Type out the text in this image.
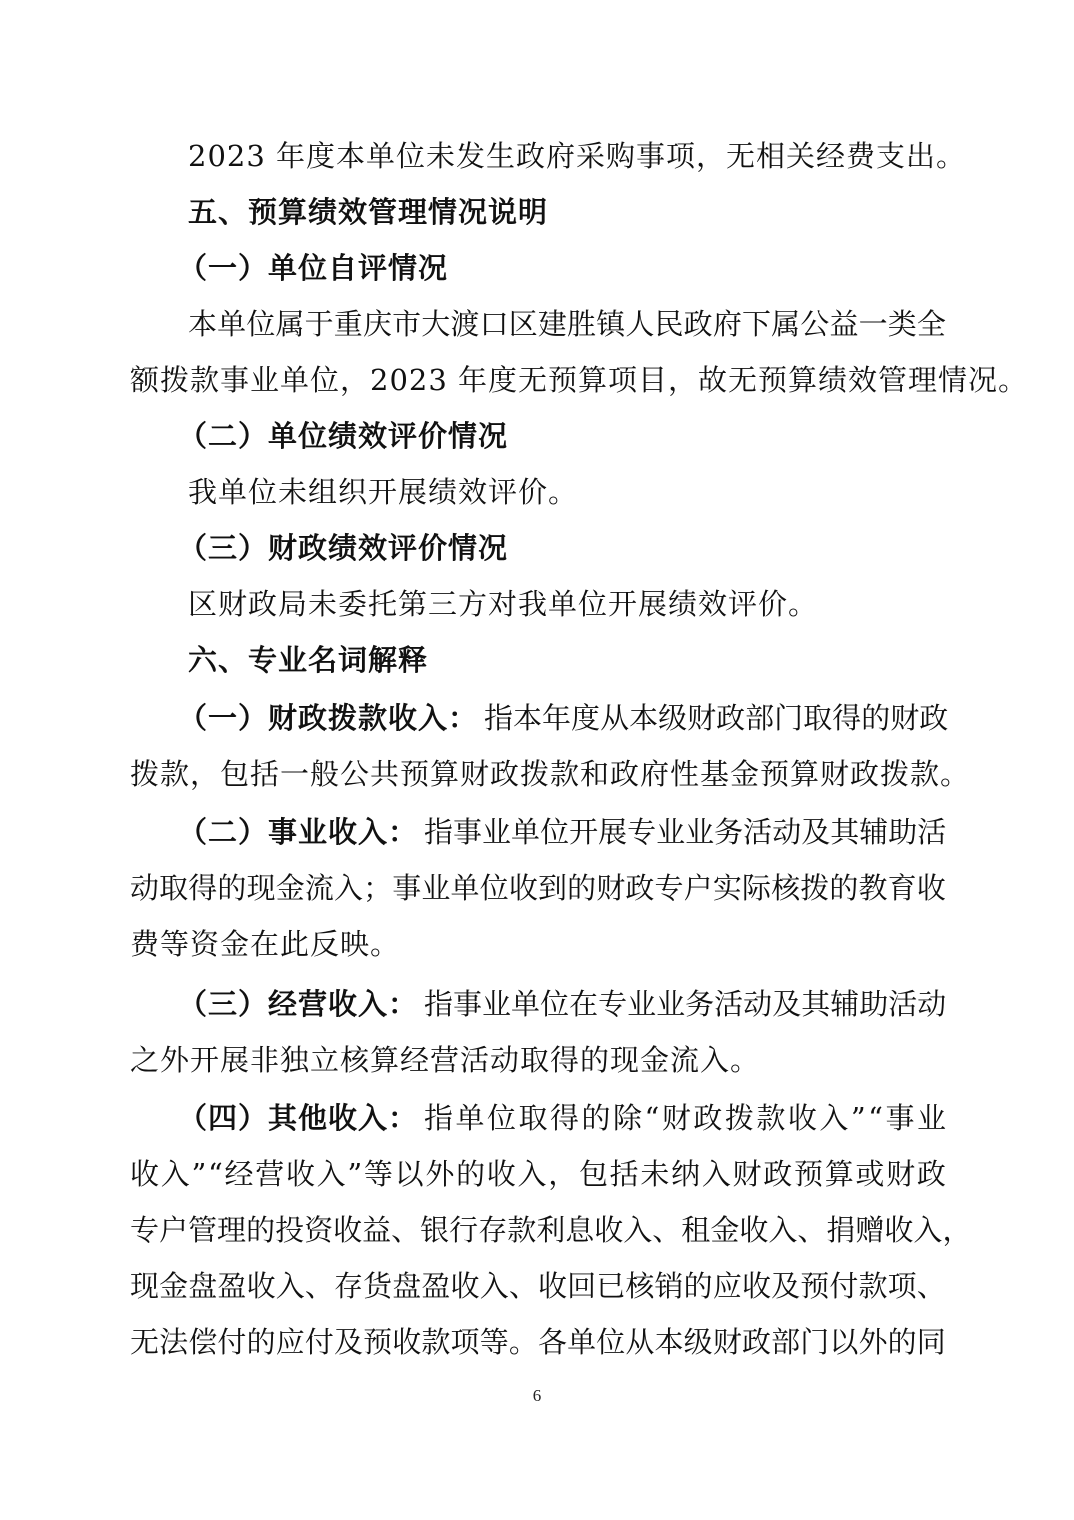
2023 年度本单位未发生政府采购事项，无相关经费支出。
五、预算绩效管理情况说明
（一）单位自评情况
本 单 位 属 于 重 庆 市 大 渡 口 区 建 胜 镇 人 民 政 府 下 属 公 益 一 类 全
额拨款事业单位，2023 年度无预算项目，故无预算绩效管理情况。
（二）单位绩效评价情况
我单位未组织开展绩效评价。
（三）财政绩效评价情况
区财政局未委托第三方对我单位开展绩效评价。
六、专业名词解释
（一）财政拨款收入： 指 本 年 度 从 本 级 财 政 部 门 取 得 的 财 政
拨款，包括一般公共预算财政拨款和政府性基金预算财政拨款。
（二）事业收入： 指 事 业 单 位 开 展 专 业 业 务 活 动 及 其 辅 助 活
动 取 得 的 现 金 流 入 ； 事 业 单 位 收 到 的 财 政 专 户 实 际 核 拨 的 教 育 收
费等资金在此反映。
（三）经营收入： 指 事 业 单 位 在 专 业 业 务 活 动 及 其 辅 助 活 动
之外开展非独立核算经营活动取得的现金流入。
（四）其他收入： 指 单 位 取 得 的 除 “ 财 政 拨 款 收 入 ” “ 事 业
收 入 ” “ 经 营 收 入 ” 等 以 外 的 收 入 ， 包 括 未 纳 入 财 政 预 算 或 财 政
专 户 管 理 的 投 资 收 益 、 银 行 存 款 利 息 收 入 、 租 金 收 入 、 捐 赠 收 入 ，
现 金 盘 盈 收 入 、 存 货 盘 盈 收 入 、 收 回 已 核 销 的 应 收 及 预 付 款 项 、
无 法 偿 付 的 应 付 及 预 收 款 项 等 。 各 单 位 从 本 级 财 政 部 门 以 外 的 同
6
